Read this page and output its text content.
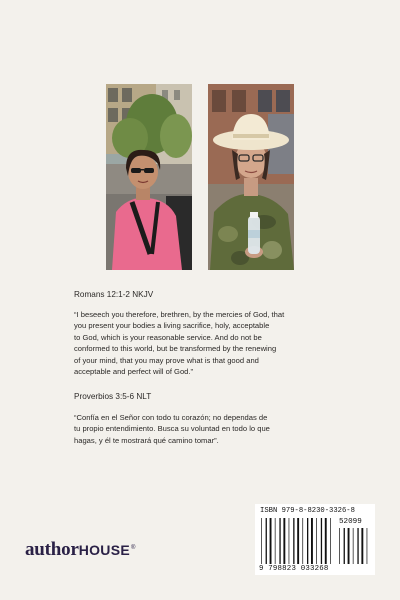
Romans 12:1-2 NKJV
“I beseech you therefore, brethren, by the mercies of God, that
you present your bodies a living sacrifice, holy, acceptable
to God, which is your reasonable service. And do not be
conformed to this world, but be transformed by the renewing
of your mind, that you may prove what is that good and
acceptable and perfect will of God.”
Proverbios 3:5-6 NLT
“Confía en el Señor con todo tu corazón; no dependas de
tu propio entendimiento. Busca su voluntad en todo lo que
hagas, y él te mostrará qué camino tomar”.
authorHOUSE®
ISBN 979-8-8230-3326-8
52099
9 798823 033268
